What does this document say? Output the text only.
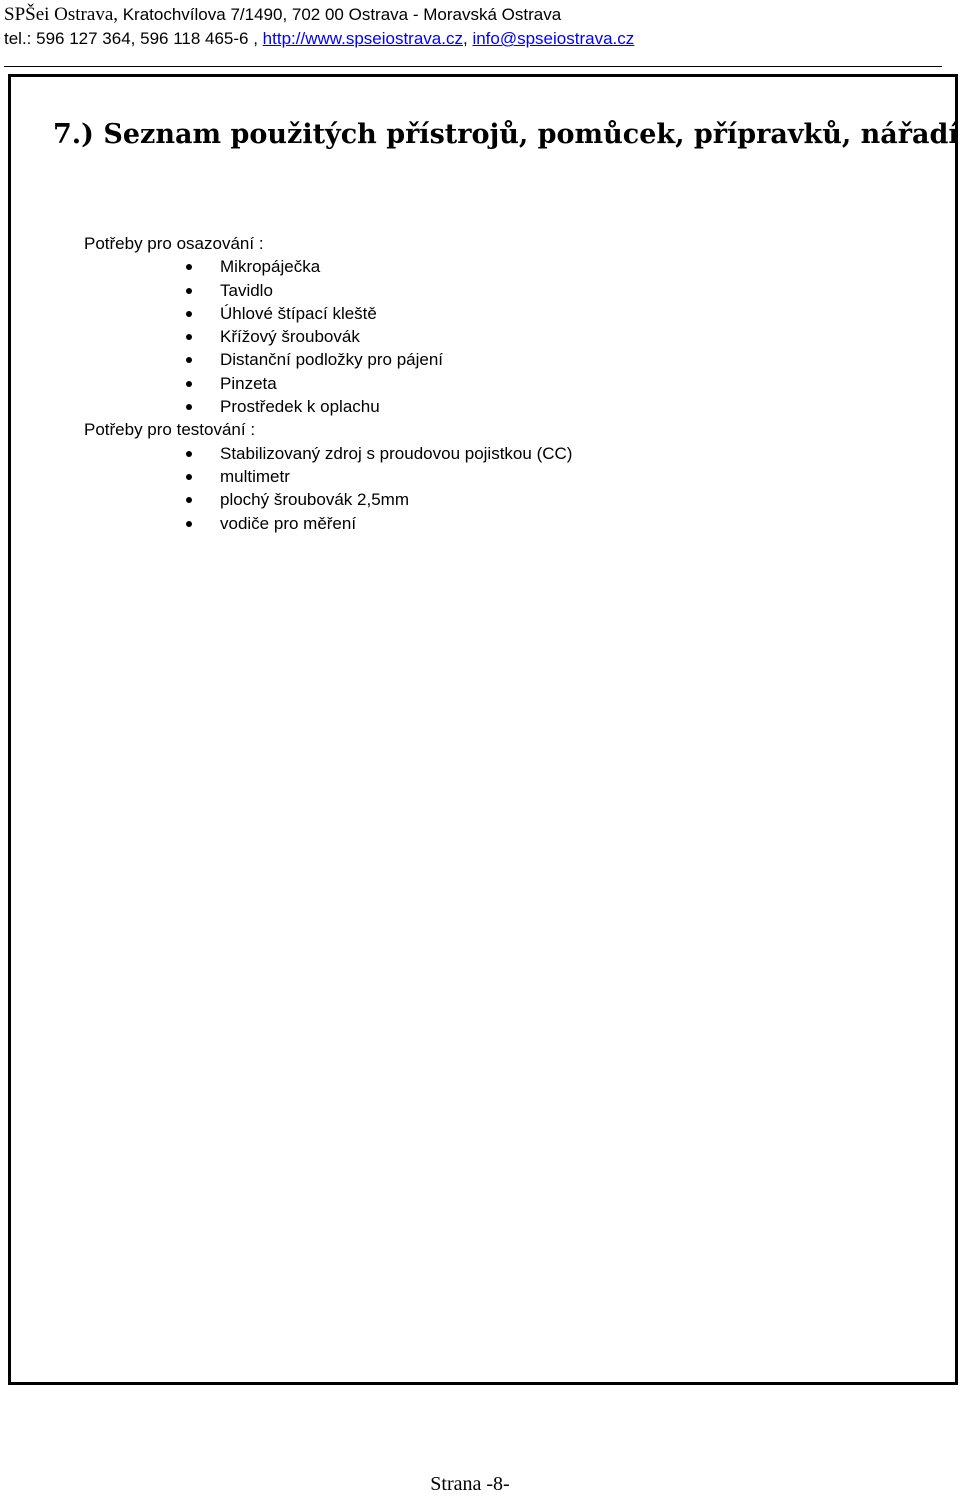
SPŠei Ostrava, Kratochvílova 7/1490, 702 00 Ostrava - Moravská Ostrava
tel.: 596 127 364, 596 118 465-6 , http://www.spseiostrava.cz, info@spseiostrava.cz
7.) Seznam použitých přístrojů, pomůcek, přípravků, nářadí
Potřeby pro osazování :
Mikropáječka
Tavidlo
Úhlové štípací kleště
Křížový šroubovák
Distanční podložky pro pájení
Pinzeta
Prostředek k oplachu
Potřeby pro testování :
Stabilizovaný zdroj s proudovou pojistkou (CC)
multimetr
plochý šroubovák 2,5mm
vodiče pro měření
Strana -8-
